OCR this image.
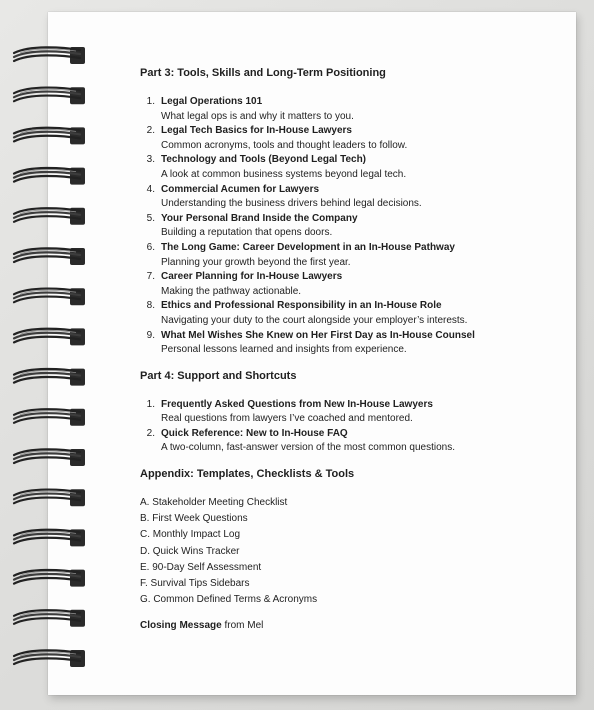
Part 3: Tools, Skills and Long-Term Positioning
1. Legal Operations 101
What legal ops is and why it matters to you.
2. Legal Tech Basics for In-House Lawyers
Common acronyms, tools and thought leaders to follow.
3. Technology and Tools (Beyond Legal Tech)
A look at common business systems beyond legal tech.
4. Commercial Acumen for Lawyers
Understanding the business drivers behind legal decisions.
5. Your Personal Brand Inside the Company
Building a reputation that opens doors.
6. The Long Game: Career Development in an In-House Pathway
Planning your growth beyond the first year.
7. Career Planning for In-House Lawyers
Making the pathway actionable.
8. Ethics and Professional Responsibility in an In-House Role
Navigating your duty to the court alongside your employer’s interests.
9. What Mel Wishes She Knew on Her First Day as In-House Counsel
Personal lessons learned and insights from experience.
Part 4: Support and Shortcuts
1. Frequently Asked Questions from New In-House Lawyers
Real questions from lawyers I’ve coached and mentored.
2. Quick Reference: New to In-House FAQ
A two-column, fast-answer version of the most common questions.
Appendix: Templates, Checklists & Tools
A. Stakeholder Meeting Checklist
B. First Week Questions
C. Monthly Impact Log
D. Quick Wins Tracker
E. 90-Day Self Assessment
F. Survival Tips Sidebars
G. Common Defined Terms & Acronyms
Closing Message from Mel
